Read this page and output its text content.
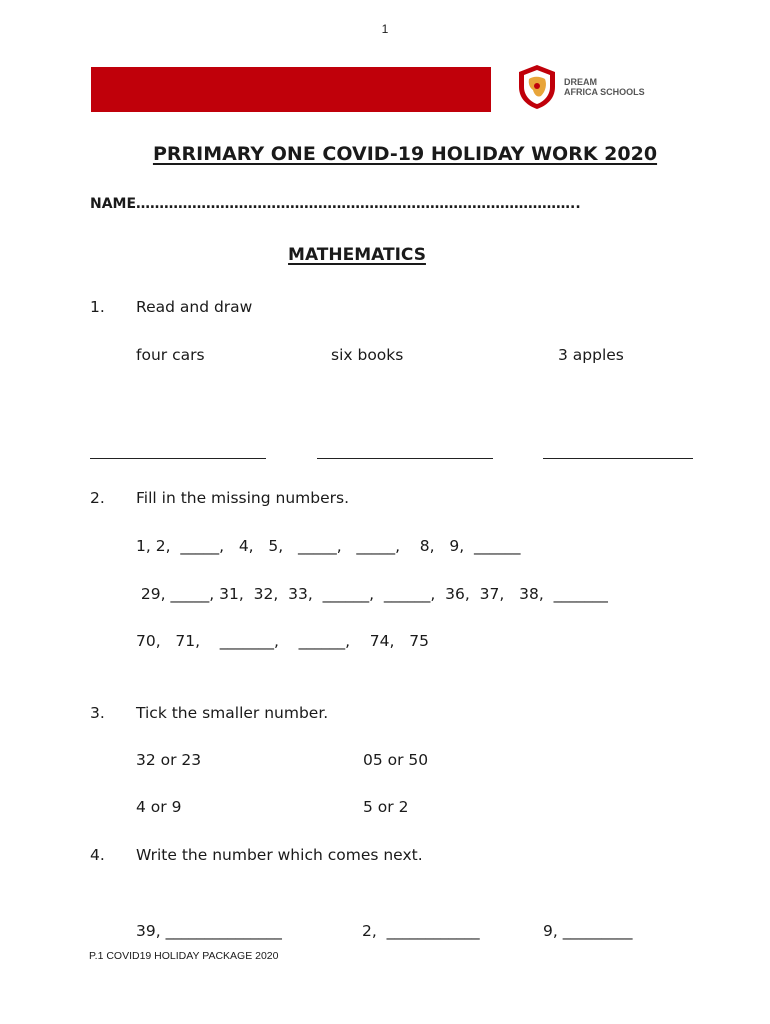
1
DREAM
AFRICA SCHOOLS
PRRIMARY ONE COVID-19 HOLIDAY WORK 2020
NAME…………………………………………………………………………………..
MATHEMATICS
1. Read and draw
four cars	six books	3 apples
2. Fill in the missing numbers.
1, 2,  _____,   4,   5,   _____,   _____,    8,   9,  ______
29, _____, 31,  32,  33,  ______,  ______,  36,  37,   38,  _______
70,   71,    _______,    ______,    74,   75
3. Tick the smaller number.
32 or 23	05 or 50
4 or 9	5 or 2
4. Write the number which comes next.
39, _______________	2,  ____________	9, _________
P.1 COVID19 HOLIDAY PACKAGE 2020
